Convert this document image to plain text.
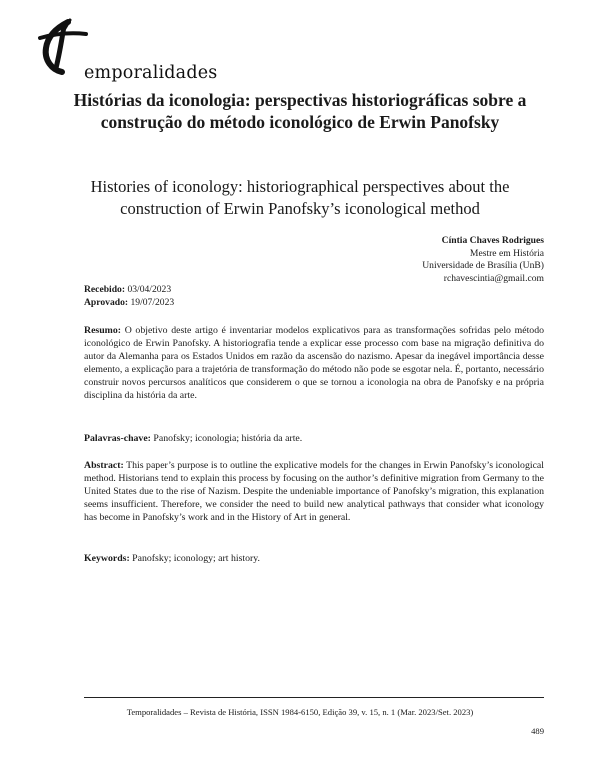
emporalidades
Histórias da iconologia: perspectivas historiográficas sobre a construção do método iconológico de Erwin Panofsky
Histories of iconology: historiographical perspectives about the construction of Erwin Panofsky’s iconological method
Cíntia Chaves Rodrigues
Mestre em História
Universidade de Brasília (UnB)
rchavescintia@gmail.com
Recebido: 03/04/2023
Aprovado: 19/07/2023
Resumo: O objetivo deste artigo é inventariar modelos explicativos para as transformações sofridas pelo método iconológico de Erwin Panofsky. A historiografia tende a explicar esse processo com base na migração definitiva do autor da Alemanha para os Estados Unidos em razão da ascensão do nazismo. Apesar da inegável importância desse elemento, a explicação para a trajetória de transformação do método não pode se esgotar nela. É, portanto, necessário construir novos percursos analíticos que considerem o que se tornou a iconologia na obra de Panofsky e na própria disciplina da história da arte.
Palavras-chave: Panofsky; iconologia; história da arte.
Abstract: This paper’s purpose is to outline the explicative models for the changes in Erwin Panofsky’s iconological method. Historians tend to explain this process by focusing on the author’s definitive migration from Germany to the United States due to the rise of Nazism. Despite the undeniable importance of Panofsky’s migration, this explanation seems insufficient. Therefore, we consider the need to build new analytical pathways that consider what iconology has become in Panofsky’s work and in the History of Art in general.
Keywords: Panofsky; iconology; art history.
Temporalidades – Revista de História, ISSN 1984-6150, Edição 39, v. 15, n. 1 (Mar. 2023/Set. 2023)
489
